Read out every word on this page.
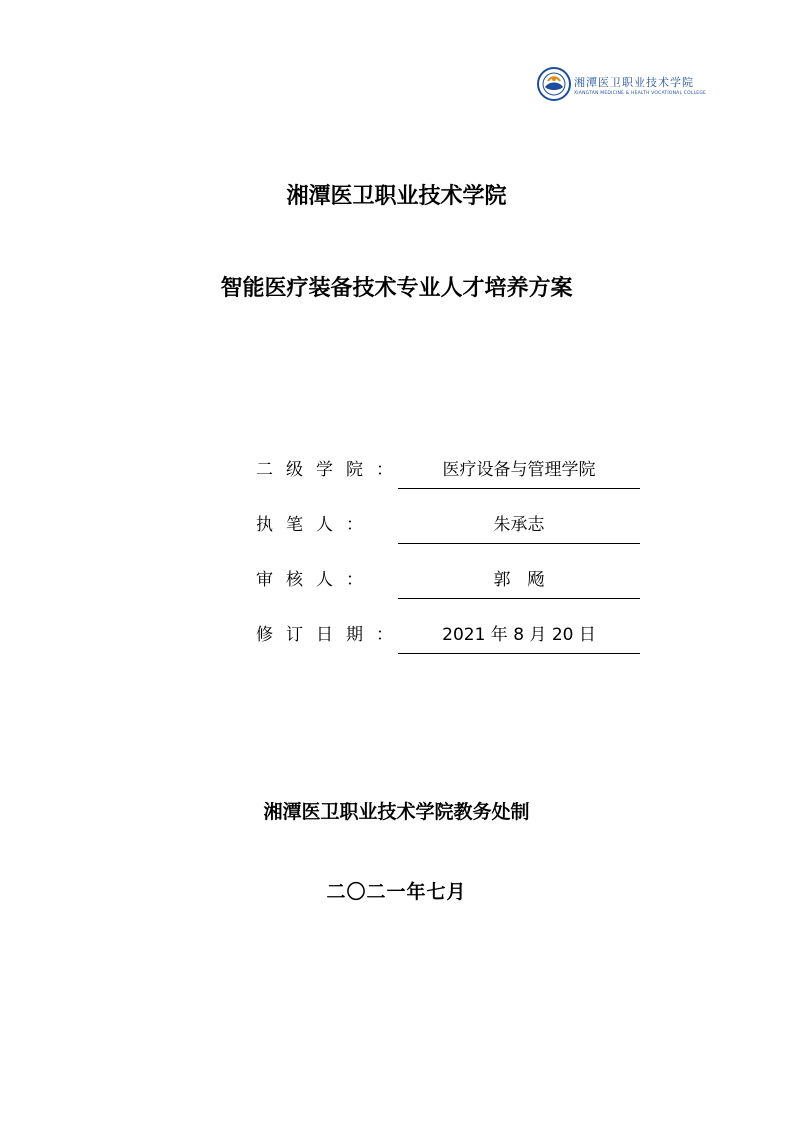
湘潭医卫职业技术学院
XIANGTAN MEDICINE & HEALTH VOCATIONAL COLLEGE
湘潭医卫职业技术学院
智能医疗装备技术专业人才培养方案
二级学院：	医疗设备与管理学院
执笔人：	朱承志
审核人：	郭　飏
修订日期：	2021 年 8 月 20 日
湘潭医卫职业技术学院教务处制
二〇二一年七月
